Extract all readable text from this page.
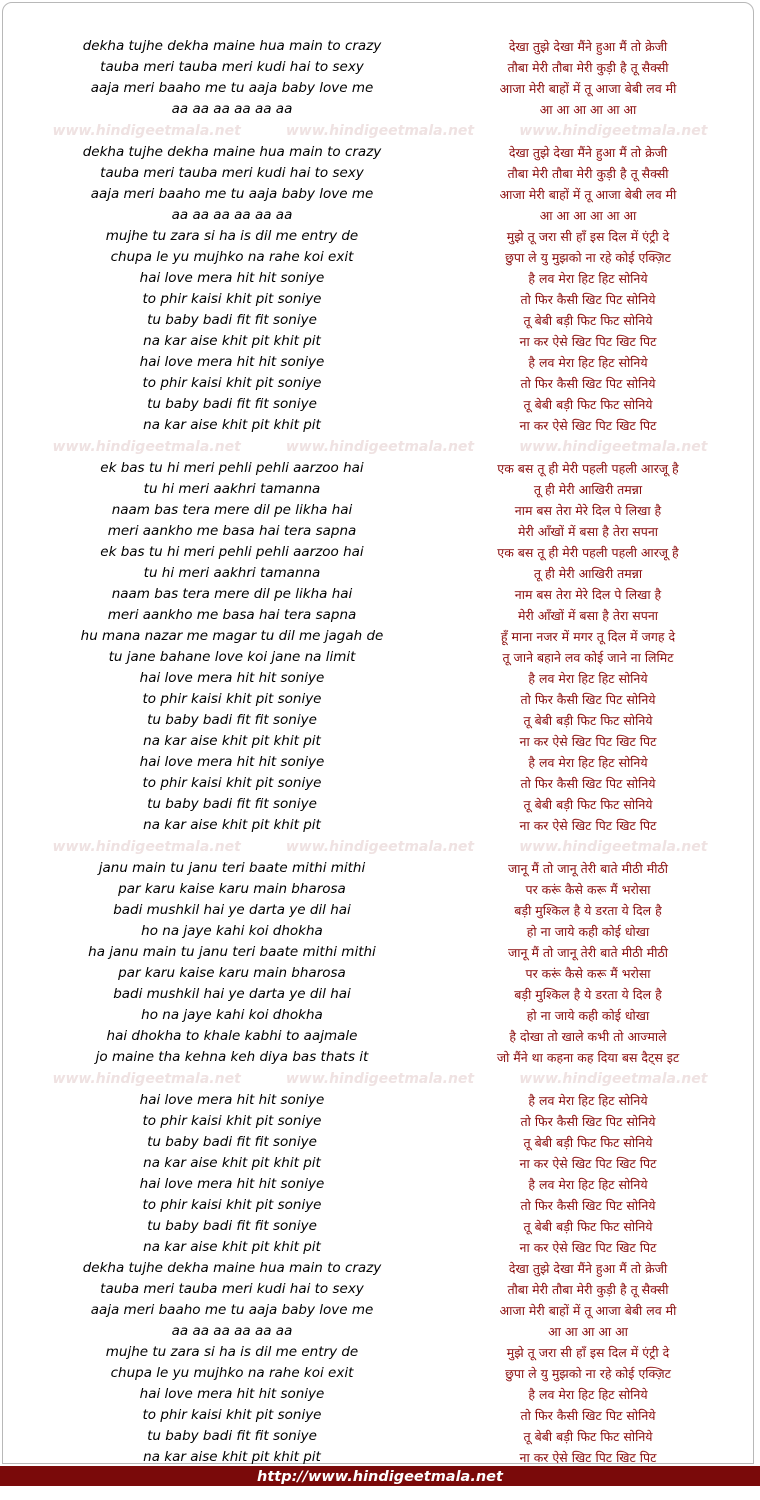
dekha tujhe dekha maine hua main to crazy	देखा तुझे देखा मैंने हुआ मैं तो क्रेजी
tauba meri tauba meri kudi hai to sexy	तौबा मेरी तौबा मेरी कुड़ी है तू सैक्सी
aaja meri baaho me tu aaja baby love me	आजा मेरी बाहों में तू आजा बेबी लव मी
aa aa aa aa aa aa	आ आ आ आ आ आ
www.hindigeetmala.net	www.hindigeetmala.net	www.hindigeetmala.net
dekha tujhe dekha maine hua main to crazy	देखा तुझे देखा मैंने हुआ मैं तो क्रेजी
tauba meri tauba meri kudi hai to sexy	तौबा मेरी तौबा मेरी कुड़ी है तू सैक्सी
aaja meri baaho me tu aaja baby love me	आजा मेरी बाहों में तू आजा बेबी लव मी
aa aa aa aa aa aa	आ आ आ आ आ आ
mujhe tu zara si ha is dil me entry de	मुझे तू जरा सी हाँ इस दिल में एंट्री दे
chupa le yu mujhko na rahe koi exit	छुपा ले यु मुझको ना रहे कोई एक्ज़िट
hai love mera hit hit soniye	है लव मेरा हिट हिट सोनिये
to phir kaisi khit pit soniye	तो फिर कैसी खिट पिट सोनिये
tu baby badi fit fit soniye	तू बेबी बड़ी फिट फिट सोनिये
na kar aise khit pit khit pit	ना कर ऐसे खिट पिट खिट पिट
hai love mera hit hit soniye	है लव मेरा हिट हिट सोनिये
to phir kaisi khit pit soniye	तो फिर कैसी खिट पिट सोनिये
tu baby badi fit fit soniye	तू बेबी बड़ी फिट फिट सोनिये
na kar aise khit pit khit pit	ना कर ऐसे खिट पिट खिट पिट
www.hindigeetmala.net	www.hindigeetmala.net	www.hindigeetmala.net
ek bas tu hi meri pehli pehli aarzoo hai	एक बस तू ही मेरी पहली पहली आरजू है
tu hi meri aakhri tamanna	तू ही मेरी आखिरी तमन्ना
naam bas tera mere dil pe likha hai	नाम बस तेरा मेरे दिल पे लिखा है
meri aankho me basa hai tera sapna	मेरी आँखों में बसा है तेरा सपना
ek bas tu hi meri pehli pehli aarzoo hai	एक बस तू ही मेरी पहली पहली आरजू है
tu hi meri aakhri tamanna	तू ही मेरी आखिरी तमन्ना
naam bas tera mere dil pe likha hai	नाम बस तेरा मेरे दिल पे लिखा है
meri aankho me basa hai tera sapna	मेरी आँखों में बसा है तेरा सपना
hu mana nazar me magar tu dil me jagah de	हूँ माना नजर में मगर तू दिल में जगह दे
tu jane bahane love koi jane na limit	तू जाने बहाने लव कोई जाने ना लिमिट
hai love mera hit hit soniye	है लव मेरा हिट हिट सोनिये
to phir kaisi khit pit soniye	तो फिर कैसी खिट पिट सोनिये
tu baby badi fit fit soniye	तू बेबी बड़ी फिट फिट सोनिये
na kar aise khit pit khit pit	ना कर ऐसे खिट पिट खिट पिट
hai love mera hit hit soniye	है लव मेरा हिट हिट सोनिये
to phir kaisi khit pit soniye	तो फिर कैसी खिट पिट सोनिये
tu baby badi fit fit soniye	तू बेबी बड़ी फिट फिट सोनिये
na kar aise khit pit khit pit	ना कर ऐसे खिट पिट खिट पिट
www.hindigeetmala.net	www.hindigeetmala.net	www.hindigeetmala.net
janu main tu janu teri baate mithi mithi	जानू मैं तो जानू तेरी बाते मीठी मीठी
par karu kaise karu main bharosa	पर करूं कैसे करू मैं भरोसा
badi mushkil hai ye darta ye dil hai	बड़ी मुश्किल है ये डरता ये दिल है
ho na jaye kahi koi dhokha	हो ना जाये कही कोई धोखा
ha janu main tu janu teri baate mithi mithi	जानू मैं तो जानू तेरी बाते मीठी मीठी
par karu kaise karu main bharosa	पर करूं कैसे करू मैं भरोसा
badi mushkil hai ye darta ye dil hai	बड़ी मुश्किल है ये डरता ये दिल है
ho na jaye kahi koi dhokha	हो ना जाये कही कोई धोखा
hai dhokha to khale kabhi to aajmale	है दोखा तो खाले कभी तो आज्माले
jo maine tha kehna keh diya bas thats it	जो मैंने था कहना कह दिया बस दैट्स इट
www.hindigeetmala.net	www.hindigeetmala.net	www.hindigeetmala.net
hai love mera hit hit soniye	है लव मेरा हिट हिट सोनिये
to phir kaisi khit pit soniye	तो फिर कैसी खिट पिट सोनिये
tu baby badi fit fit soniye	तू बेबी बड़ी फिट फिट सोनिये
na kar aise khit pit khit pit	ना कर ऐसे खिट पिट खिट पिट
hai love mera hit hit soniye	है लव मेरा हिट हिट सोनिये
to phir kaisi khit pit soniye	तो फिर कैसी खिट पिट सोनिये
tu baby badi fit fit soniye	तू बेबी बड़ी फिट फिट सोनिये
na kar aise khit pit khit pit	ना कर ऐसे खिट पिट खिट पिट
dekha tujhe dekha maine hua main to crazy	देखा तुझे देखा मैंने हुआ मैं तो क्रेजी
tauba meri tauba meri kudi hai to sexy	तौबा मेरी तौबा मेरी कुड़ी है तू सैक्सी
aaja meri baaho me tu aaja baby love me	आजा मेरी बाहों में तू आजा बेबी लव मी
aa aa aa aa aa aa	आ आ आ आ आ
mujhe tu zara si ha is dil me entry de	मुझे तू जरा सी हाँ इस दिल में एंट्री दे
chupa le yu mujhko na rahe koi exit	छुपा ले यु मुझको ना रहे कोई एक्ज़िट
hai love mera hit hit soniye	है लव मेरा हिट हिट सोनिये
to phir kaisi khit pit soniye	तो फिर कैसी खिट पिट सोनिये
tu baby badi fit fit soniye	तू बेबी बड़ी फिट फिट सोनिये
na kar aise khit pit khit pit	ना कर ऐसे खिट पिट खिट पिट
http://www.hindigeetmala.net
